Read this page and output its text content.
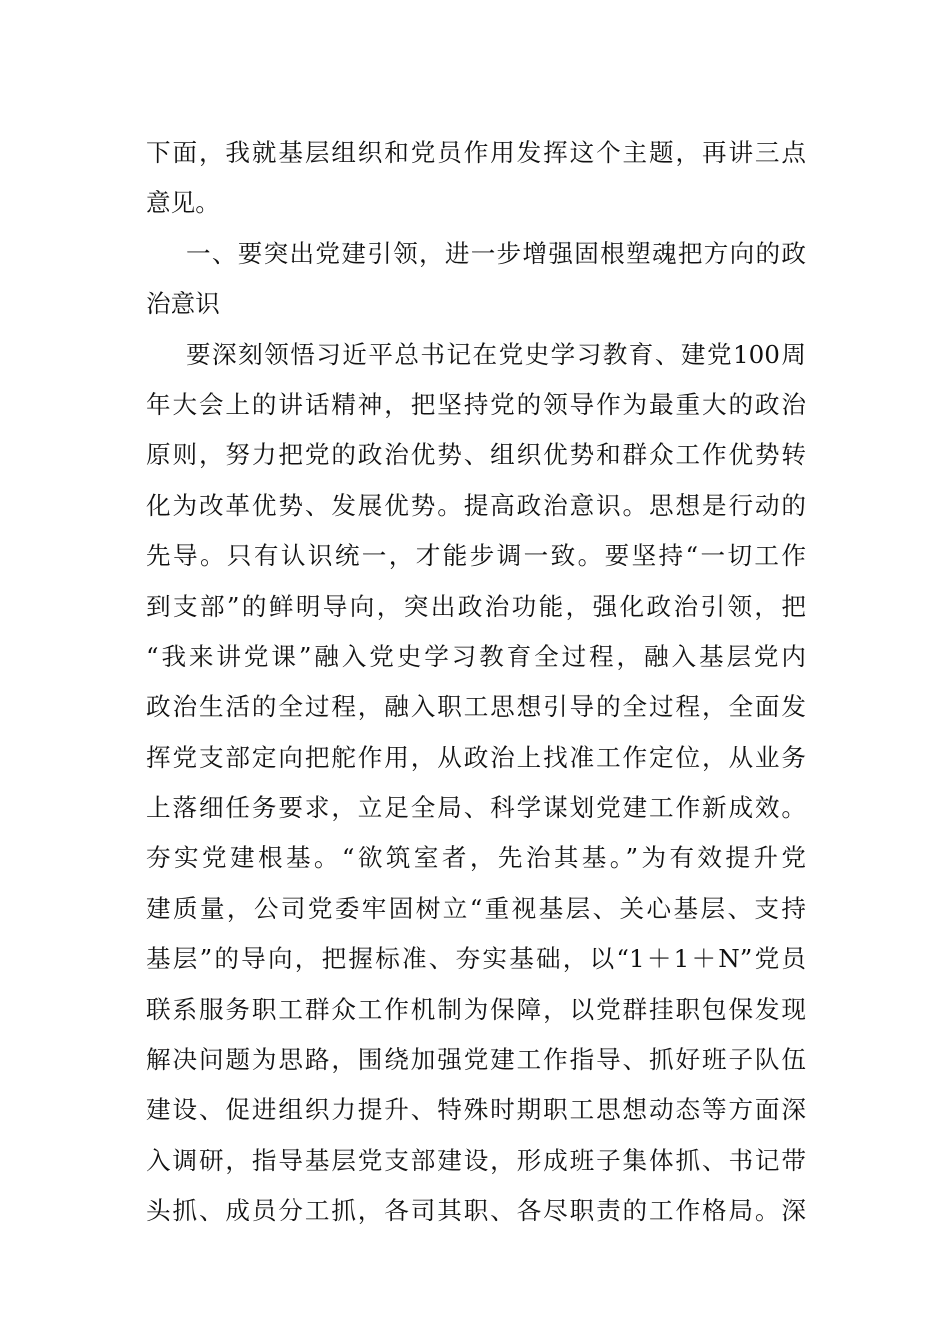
下面，我就基层组织和党员作用发挥这个主题，再讲三点
意见。
一、要突出党建引领，进一步增强固根塑魂把方向的政
治意识
要深刻领悟习近平总书记在党史学习教育、建党100周
年大会上的讲话精神，把坚持党的领导作为最重大的政治
原则，努力把党的政治优势、组织优势和群众工作优势转
化为改革优势、发展优势。提高政治意识。思想是行动的
先导。只有认识统一，才能步调一致。要坚持“一切工作
到支部”的鲜明导向，突出政治功能，强化政治引领，把
“我来讲党课”融入党史学习教育全过程，融入基层党内
政治生活的全过程，融入职工思想引导的全过程，全面发
挥党支部定向把舵作用，从政治上找准工作定位，从业务
上落细任务要求，立足全局、科学谋划党建工作新成效。
夯实党建根基。“欲筑室者，先治其基。”为有效提升党
建质量，公司党委牢固树立“重视基层、关心基层、支持
基层”的导向，把握标准、夯实基础，以“1＋1＋N”党员
联系服务职工群众工作机制为保障，以党群挂职包保发现
解决问题为思路，围绕加强党建工作指导、抓好班子队伍
建设、促进组织力提升、特殊时期职工思想动态等方面深
入调研，指导基层党支部建设，形成班子集体抓、书记带
头抓、成员分工抓，各司其职、各尽职责的工作格局。深
